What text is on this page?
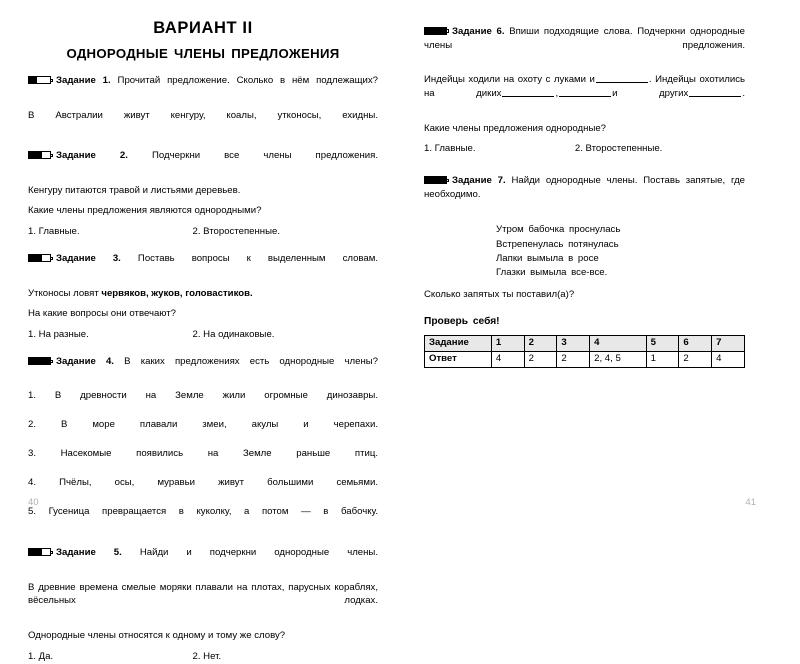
ВАРИАНТ II
ОДНОРОДНЫЕ ЧЛЕНЫ ПРЕДЛОЖЕНИЯ
Задание 1. Прочитай предложение. Сколько в нём подлежащих?
В Австралии живут кенгуру, коалы, утконосы, ехидны.
Задание 2.	Подчеркни все члены предложения.
Кенгуру питаются травой и листьями деревьев.
Какие члены предложения являются однородными?
1. Главные.	2. Второстепенные.
Задание 3. Поставь вопросы к выделенным словам.
Утконосы ловят червяков, жуков, головастиков.
На какие вопросы они отвечают?
1. На разные.	2. На одинаковые.
Задание 4. В каких предложениях есть однородные члены?
1. В древности на Земле жили огромные динозавры.
2. В море плавали змеи, акулы и черепахи.
3. Насекомые появились на Земле раньше птиц.
4. Пчёлы, осы, муравьи живут большими семьями.
5. Гусеница превращается в куколку, а потом — в бабочку.
Задание 5. Найди и подчеркни однородные члены.
В древние времена смелые моряки плавали на плотах, парусных кораблях, вёсельных лодках.
Однородные члены относятся к одному и тому же слову?
1. Да.	2. Нет.
40
Задание 6. Впиши подходящие слова. Подчеркни однородные члены предложения.
Индейцы ходили на охоту с луками и	. Индейцы охотились на диких	,	и других	.
Какие члены предложения однородные?
1. Главные.	2. Второстепенные.
Задание 7. Найди однородные члены. Поставь запятые, где необходимо.
Утром бабочка проснулась
Встрепенулась потянулась
Лапки вымыла в росе
Глазки вымыла все-все.
Сколько запятых ты поставил(а)?
Проверь себя!
Задание	1	2	3	4	5	6	7
Ответ	4	2	2	2, 4, 5	1	2	4
41
